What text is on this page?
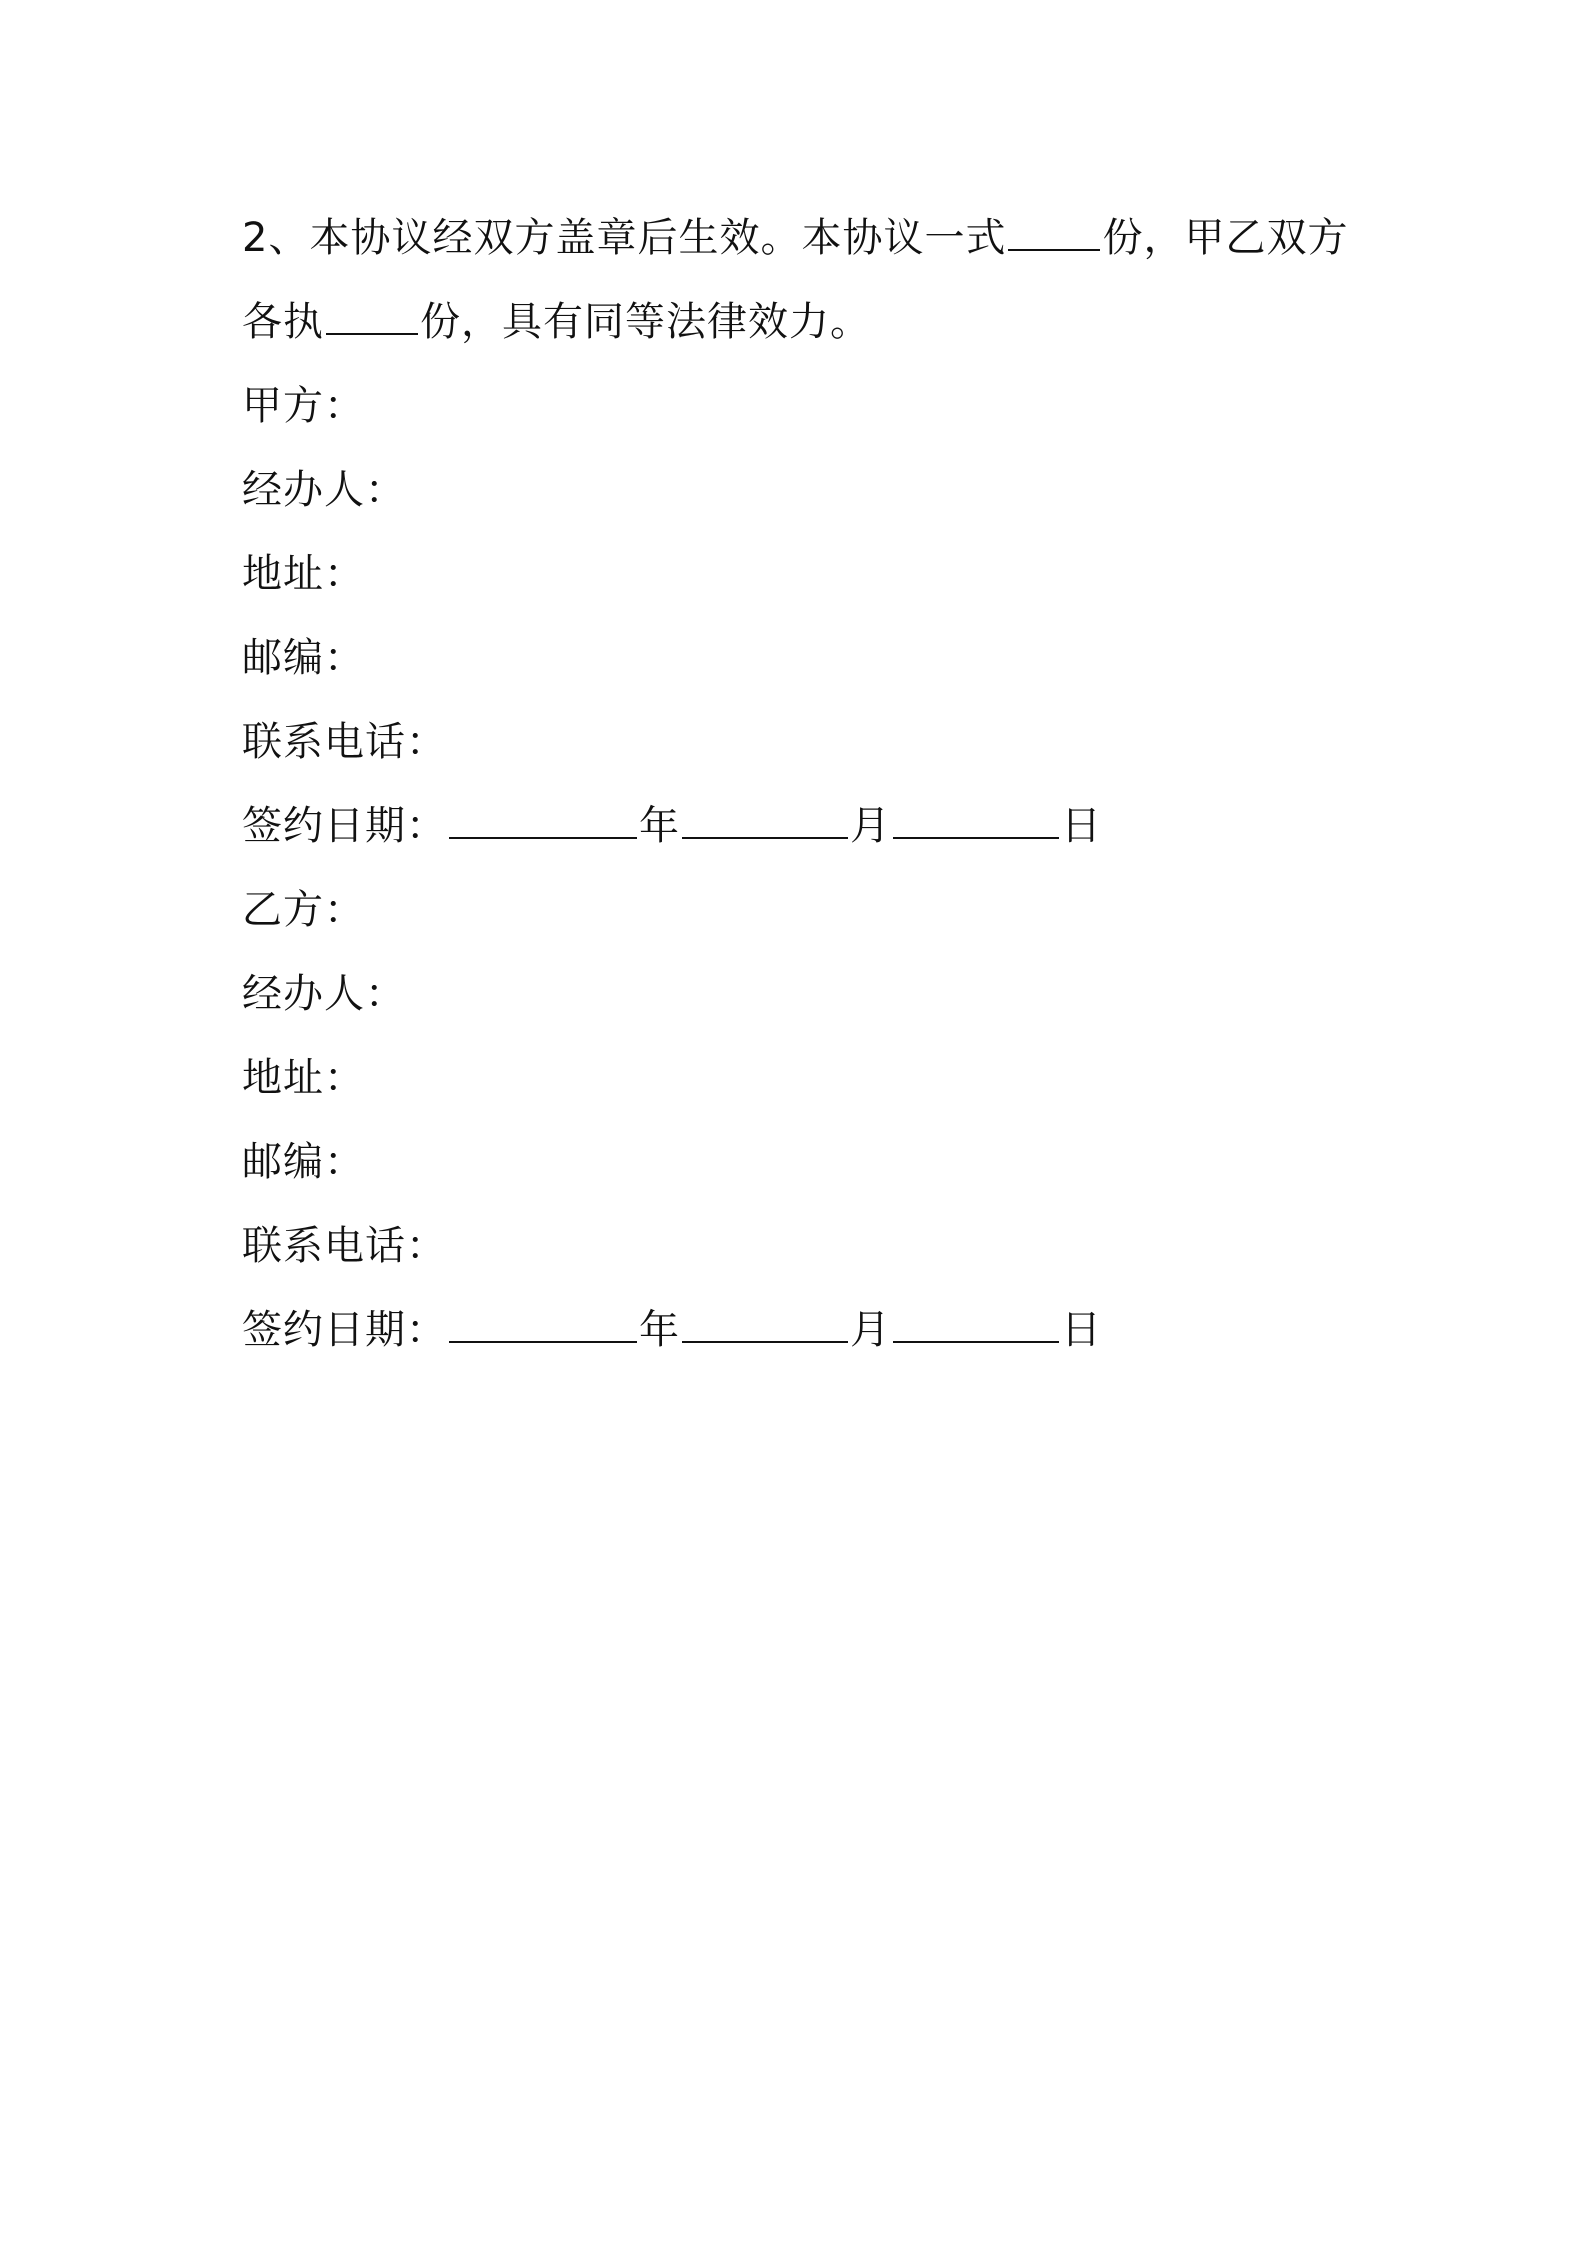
2、本协议经双方盖章后生效。本协议一式 份，甲乙双方各执 份，具有同等法律效力。
甲方：
经办人：
地址：
邮编：
联系电话：
签约日期：	年	月	日
乙方：
经办人：
地址：
邮编：
联系电话：
签约日期：	年	月	日
